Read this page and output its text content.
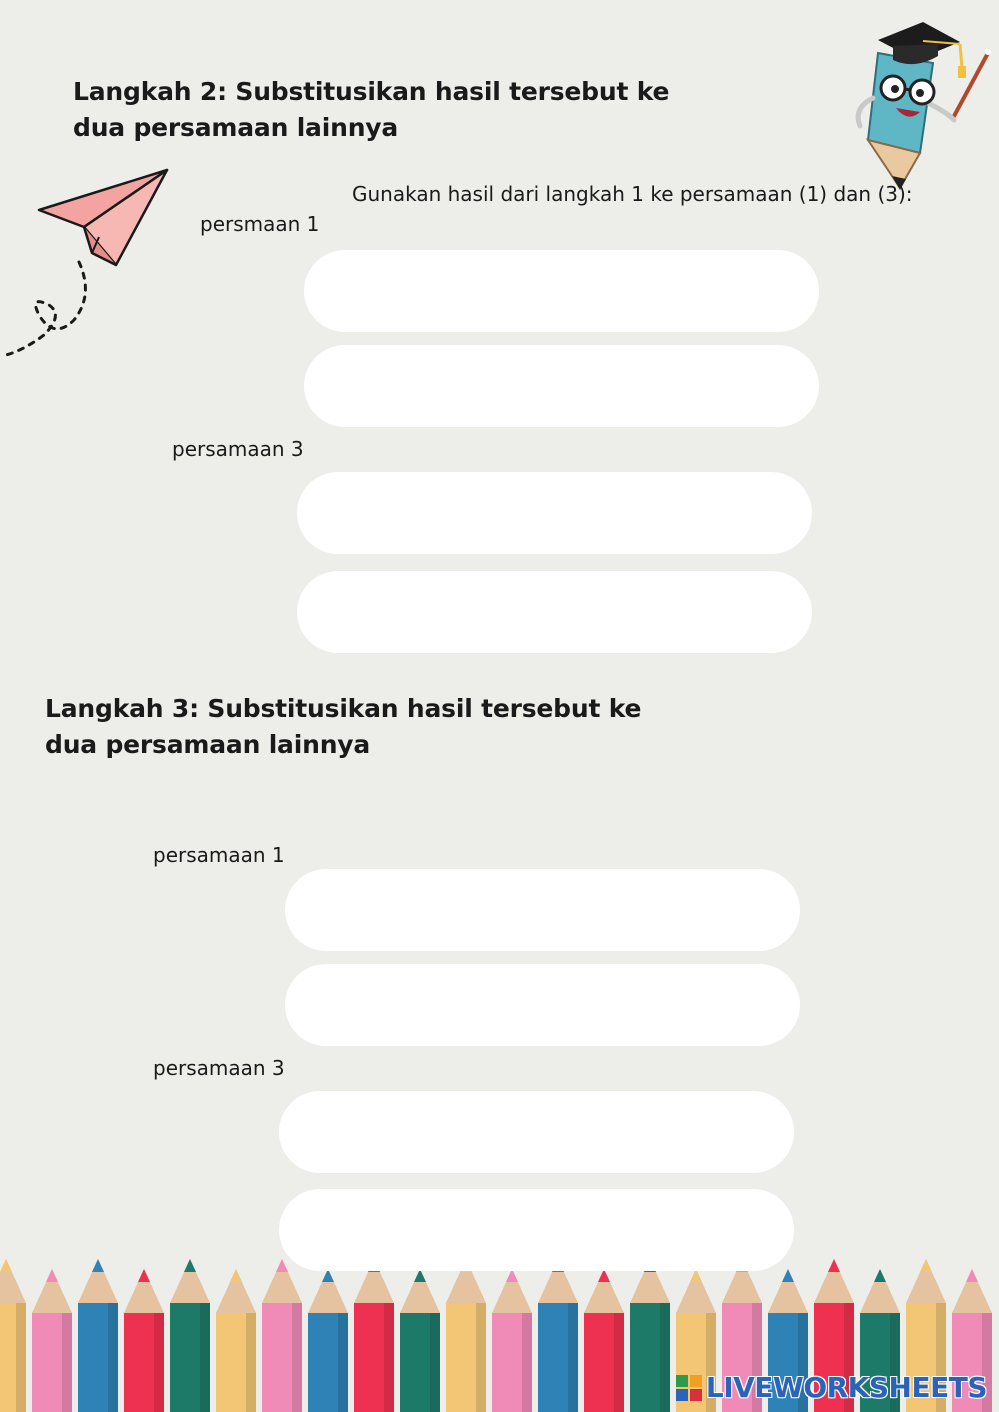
Langkah 2: Substitusikan hasil tersebut ke
dua persamaan lainnya

Gunakan hasil dari langkah 1 ke persamaan (1) dan (3):

persmaan 1

persamaan 3

Langkah 3: Substitusikan hasil tersebut ke
dua persamaan lainnya

persamaan 1

persamaan 3

LIVEWORKSHEETS
